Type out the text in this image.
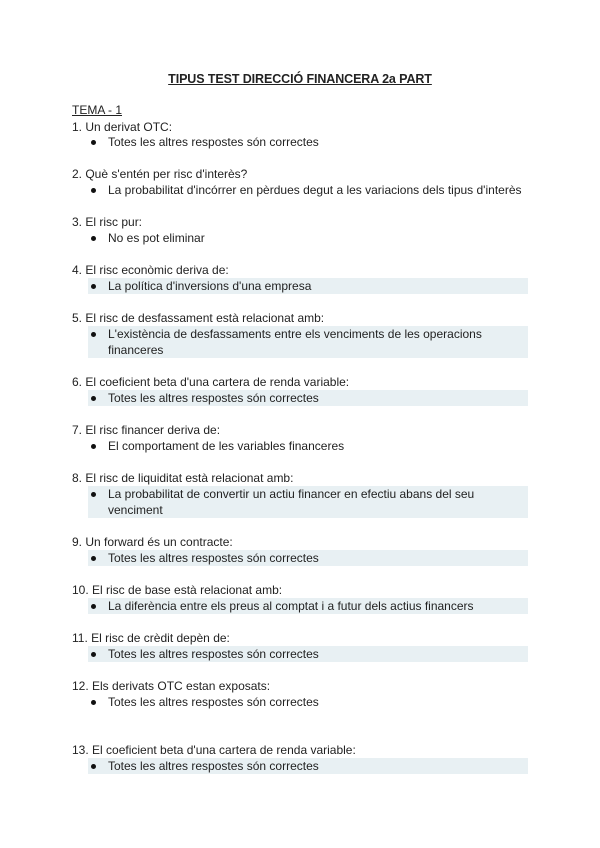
TIPUS TEST DIRECCIÓ FINANCERA 2a PART
TEMA - 1
1. Un derivat OTC:
Totes les altres respostes són correctes
2. Què s'entén per risc d'interès?
La probabilitat d'incórrer en pèrdues degut a les variacions dels tipus d'interès
3. El risc pur:
No es pot eliminar
4. El risc econòmic deriva de:
La política d'inversions d'una empresa
5. El risc de desfassament està relacionat amb:
L'existència de desfassaments entre els venciments de les operacions financeres
6. El coeficient beta d'una cartera de renda variable:
Totes les altres respostes són correctes
7. El risc financer deriva de:
El comportament de les variables financeres
8. El risc de liquiditat està relacionat amb:
La probabilitat de convertir un actiu financer en efectiu abans del seu venciment
9. Un forward és un contracte:
Totes les altres respostes són correctes
10. El risc de base està relacionat amb:
La diferència entre els preus al comptat i a futur dels actius financers
11. El risc de crèdit depèn de:
Totes les altres respostes són correctes
12. Els derivats OTC estan exposats:
Totes les altres respostes són correctes
13. El coeficient beta d'una cartera de renda variable:
Totes les altres respostes són correctes
